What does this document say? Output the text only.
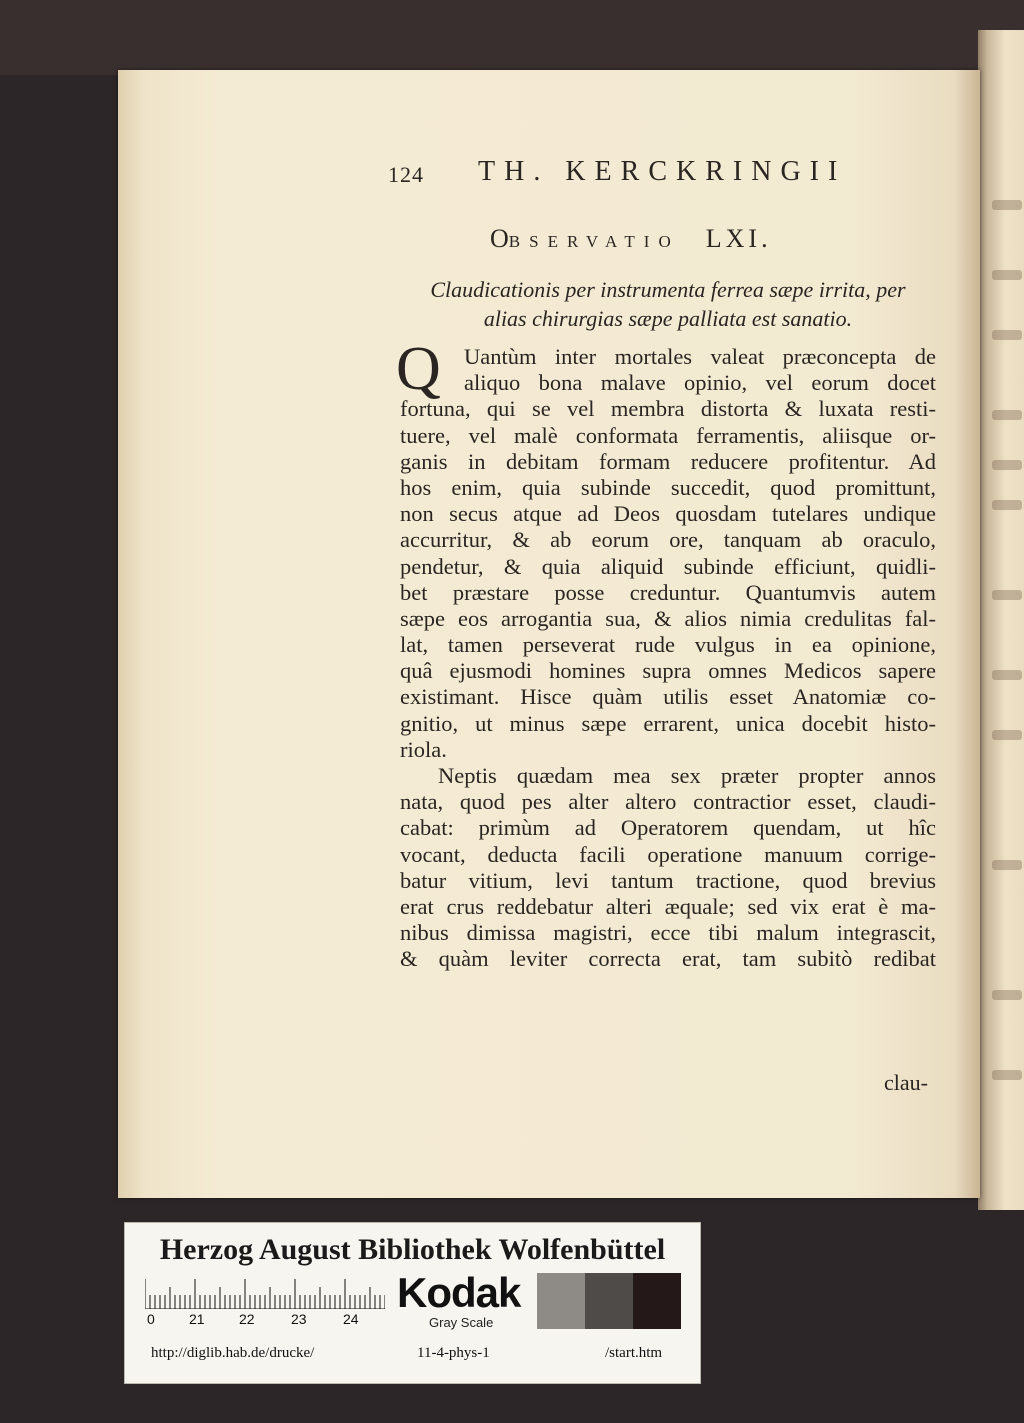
124 TH. KERCKRINGII
OBSERVATIO LXI.
Claudicationis per instrumenta ferrea sæpe irrita, per
alias chirurgias sæpe palliata est sanatio.
Q	Uantùm inter mortales valeat præconcepta de
aliquo bona malave opinio, vel eorum docet
fortuna, qui se vel membra distorta & luxata resti-
tuere, vel malè conformata ferramentis, aliisque or-
ganis in debitam formam reducere profitentur. Ad
hos enim, quia subinde succedit, quod promittunt,
non secus atque ad Deos quosdam tutelares undique
accurritur, & ab eorum ore, tanquam ab oraculo,
pendetur, & quia aliquid subinde efficiunt, quidli-
bet præstare posse creduntur. Quantumvis autem
sæpe eos arrogantia sua, & alios nimia credulitas fal-
lat, tamen perseverat rude vulgus in ea opinione,
quâ ejusmodi homines supra omnes Medicos sapere
existimant. Hisce quàm utilis esset Anatomiæ co-
gnitio, ut minus sæpe errarent, unica docebit histo-
riola.
Neptis quædam mea sex præter propter annos
nata, quod pes alter altero contractior esset, claudi-
cabat: primùm ad Operatorem quendam, ut hîc
vocant, deducta facili operatione manuum corrige-
batur vitium, levi tantum tractione, quod brevius
erat crus reddebatur alteri æquale; sed vix erat è ma-
nibus dimissa magistri, ecce tibi malum integrascit,
& quàm leviter correcta erat, tam subitò redibat
clau-
Herzog August Bibliothek Wolfenbüttel
0 21 22	23	24
Kodak
Gray Scale
http://diglib.hab.de/drucke/	11-4-phys-1	/start.htm
